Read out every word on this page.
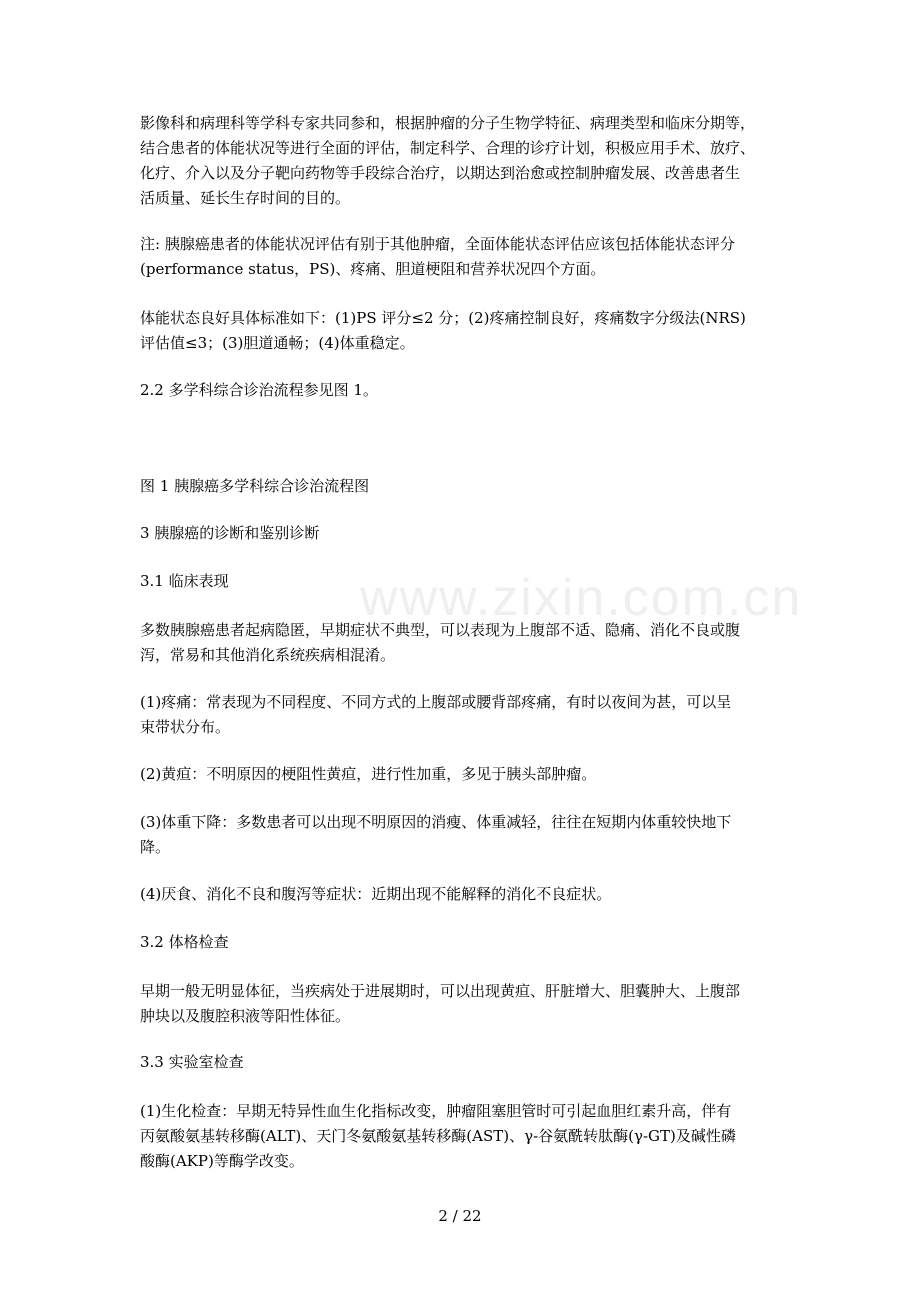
www.zixin.com.cn
影像科和病理科等学科专家共同参和，根据肿瘤的分子生物学特征、病理类型和临床分期等，
结合患者的体能状况等进行全面的评估，制定科学、合理的诊疗计划，积极应用手术、放疗、
化疗、介入以及分子靶向药物等手段综合治疗，以期达到治愈或控制肿瘤发展、改善患者生
活质量、延长生存时间的目的。
注: 胰腺癌患者的体能状况评估有别于其他肿瘤，全面体能状态评估应该包括体能状态评分
(performance status，PS)、疼痛、胆道梗阻和营养状况四个方面。
体能状态良好具体标准如下：(1)PS 评分≤2 分；(2)疼痛控制良好，疼痛数字分级法(NRS)
评估值≤3；(3)胆道通畅；(4)体重稳定。
2.2 多学科综合诊治流程参见图 1。
图 1 胰腺癌多学科综合诊治流程图
3 胰腺癌的诊断和鉴别诊断
3.1 临床表现
多数胰腺癌患者起病隐匿，早期症状不典型，可以表现为上腹部不适、隐痛、消化不良或腹
泻，常易和其他消化系统疾病相混淆。
(1)疼痛：常表现为不同程度、不同方式的上腹部或腰背部疼痛，有时以夜间为甚，可以呈
束带状分布。
(2)黄疸：不明原因的梗阻性黄疸，进行性加重，多见于胰头部肿瘤。
(3)体重下降：多数患者可以出现不明原因的消瘦、体重减轻，往往在短期内体重较快地下
降。
(4)厌食、消化不良和腹泻等症状：近期出现不能解释的消化不良症状。
3.2 体格检查
早期一般无明显体征，当疾病处于进展期时，可以出现黄疸、肝脏增大、胆囊肿大、上腹部
肿块以及腹腔积液等阳性体征。
3.3 实验室检查
(1)生化检查：早期无特异性血生化指标改变，肿瘤阻塞胆管时可引起血胆红素升高，伴有
丙氨酸氨基转移酶(ALT)、天门冬氨酸氨基转移酶(AST)、γ-谷氨酰转肽酶(γ-GT)及碱性磷
酸酶(AKP)等酶学改变。
2 / 22
